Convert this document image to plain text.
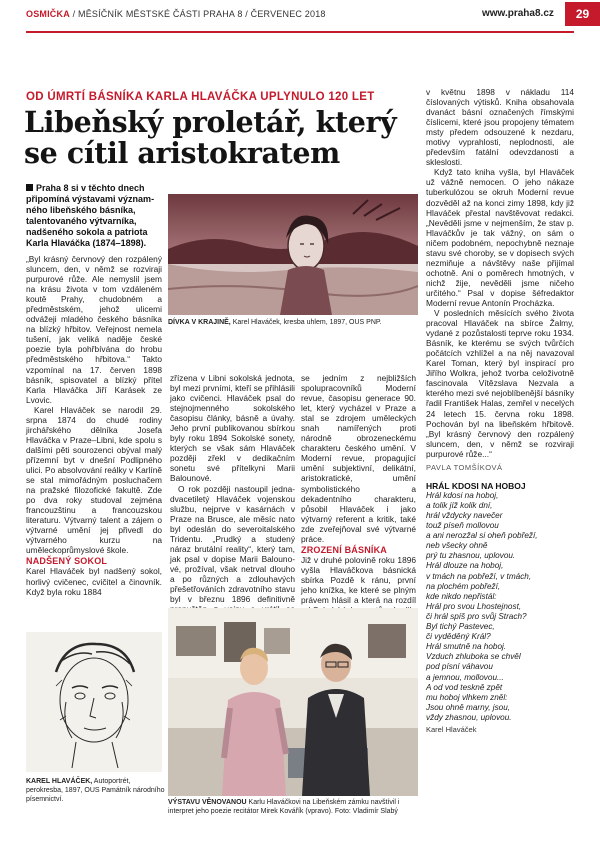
OSMIČKA / MĚSÍČNÍK MĚSTSKÉ ČÁSTI PRAHA 8 / ČERVENEC 2018	www.praha8.cz	29
OD ÚMRTÍ BÁSNÍKA KARLA HLAVÁČKA UPLYNULO 120 LET
Libeňský proletář, který
se cítil aristokratem
Praha 8 si v těchto dnech připomíná výstavami významného libeňského básníka, talentovaného výtvarníka, nadšeného sokola a patriota Karla Hlaváčka (1874–1898).
DÍVKA V KRAJINĚ, Karel Hlaváček, kresba uhlem, 1897, OUS PNP.

„Byl krásný červnový den rozpálený sluncem, den, v němž se rozviraji purpurové růže. Ale nemyslil jsem na krásu života v tom vzdáleném koutě Prahy, chudobném a předměstském, jehož ulicemi odvážeji mladého českého básníka na blízký hřbitov. Veřejnost nemela tušení, jak veliká naděje české poezie byla pohřbívána do hrobu předměstského hřbitova.“ Takto vzpomínal na 17. červen 1898 básník, spisovatel a blízký přítel Karla Hlaváčka Jiří Karásek ze Lvovic.

Karel Hlaváček se narodil 29. srpna 1874 do chudé rodiny jirchářského dělníka Josefa Hlaváčka v Praze–Libni, kde spolu s dalšími pěti sourozenci obýval malý přízemní byt v dnešní Podlipného ulici. Po absolvování reálky v Karlíně se stal mimořádným posluchačem na pražské filozofické fakultě. Zde po dva roky studoval zejména francouzštinu a francouzskou literaturu. Výtvarný talent a zájem o výtvarné umění jej přivedl do výtvarného kurzu na uměleckoprůmyslové škole.

NADŠENÝ SOKOL

Karel Hlaváček byl nadšený sokol, horlivý cvičenec, cvičitel a činovník. Když byla roku 1884

KAREL HLAVÁČEK, Autoportrét, perokresba, 1897, OUS Památník národního písemnictví.

zřízena v Libni sokolská jednota, byl mezi prvními, kteří se přihlásili jako cvičenci. Hlaváček psal do stejnojmenného sokolského časopisu články, básně a úvahy. Jeho první publikovanou sbírkou byly roku 1894 Sokolské sonety, kterých se však sám Hlaváček později zřekl v dedikačním sonetu své přítelkyni Marii Balounové.

O rok později nastoupil jednadvacetiletý Hlaváček vojenskou službu, nejprve v kasárnách v Praze na Bruscе, ale měsíc nato byl odeslán do severoitalského Tridentu. „Prudký a studený náraz brutální reality“, který tam, jak psal v dopise Marii Balounové, prožíval, však netrval dlouho a po různých a zdlouhavých přešetřováních zdravotního stavu byl v březnu 1896 definitivně

se jedním z nejbližších spolupracovníků Moderní revue, časopisu generace 90. let, který vycházel v Praze a stal se zdrojem uměleckých snah namířených proti národně obrozeneckému charakteru českého umění. V Moderní revue, propagující umění subjektivní, delikátní, aristokratické, umění symbolistického a dekadentního charakteru, působil Hlaváček i jako výtvarný referent a kritik, také zde zveřejňoval své výtvarné práce.

ZROZENÍ BÁSNÍKA

Již v druhé polovině roku 1896 vyšla Hlaváčkova básnická sbírka Pozdě k ránu, první jeho knížka, ke které se plným právem hlásil a která na rozdíl

VÝSTAVU VĚNOVANOU Karlu Hlaváčkovi na Libeňském zámku navštívil i interpret jeho poezie recitátor Mirek Kovářík (vpravo). Foto: Vladimír Slabý

v květnu 1898 v nákladu 114 číslovaných výtisků. Kniha obsahovala dvanáct básní označených římskými číslicemi, které jsou propojeny tématem msty předem odsouzené k nezdaru, motivy vyprahlosti, neplodnosti, ale především fatální odevzdanosti a skleslosti.

Když tato kniha vyšla, byl Hlaváček už vážně nemocen. O jeho nákaze tuberkulózou se okruh Moderní revue dozvěděl až na konci zimy 1898, kdy již Hlaváček přestal navštěvovat redakci. „Nevěděli jsme v nejmenším, že stav p. Hlaváčkův je tak vážný, on sám o ničem podobném, nepochybně neznaje stavu své choroby, se v dopisech svých nezmiňuje a návštěvy naše přijímal ochotně. Ani o poměrech hmotných, v nichž žije, nevěděli jsme ničeho určitého.“ Psal v dopise šéfredaktor Moderní revue Antonín Procházka.

V posledních měsících svého života pracoval Hlaváček na sbírce Žalmy, vydané z pozůstalosti teprve roku 1934. Básník, ke kterému se svých tvůrčích počátcích vzhlížel a na něj navazoval Karel Toman, který byl inspirací pro Jiřího Wolkra, jehož tvorba celoživotně fascinovala Vítězslava Nezvala a kterého mezi své nejoblíbenější básníky řadil František Halas, zemřel v necelých 24 letech 15. června roku 1898. Pochován byl na libeňském hřbitově. „Byl krásný červnový den rozpálený sluncem, den, v němž se rozviraji purpurové růže...“

PAVLA TOMŠÍKOVÁ
HRÁL KDOSI NA HOBOJ
Hrál kdosi na hoboj,
a tolik jíž kolik dní,
hrál vždycky navečer
touž píseň mollovou
a ani nerozžal si oheň pobřeží,
neb všecky ohně
prý tu zhasnou, uplovou.
Hrál dlouze na hoboj,
v tmách na pobřeží, v tmách,
na plochém pobřeží,
kde nikdo nepřistál:
Hrál pro svou Lhostejnost,
či hrál spíš pro svůj Strach?
Byl tichý Pastevec,
či vyděděný Král?
Hrál smutně na hoboj.
Vzduch zhluboka se chvěl
pod písní váhavou
a jemnou, mollovou...
A od vod teskně zpět
mu hoboj vlhkem zněl:
Jsou ohně marny, jsou,
vždy zhasnou, uplovou.
Karel Hlaváček
